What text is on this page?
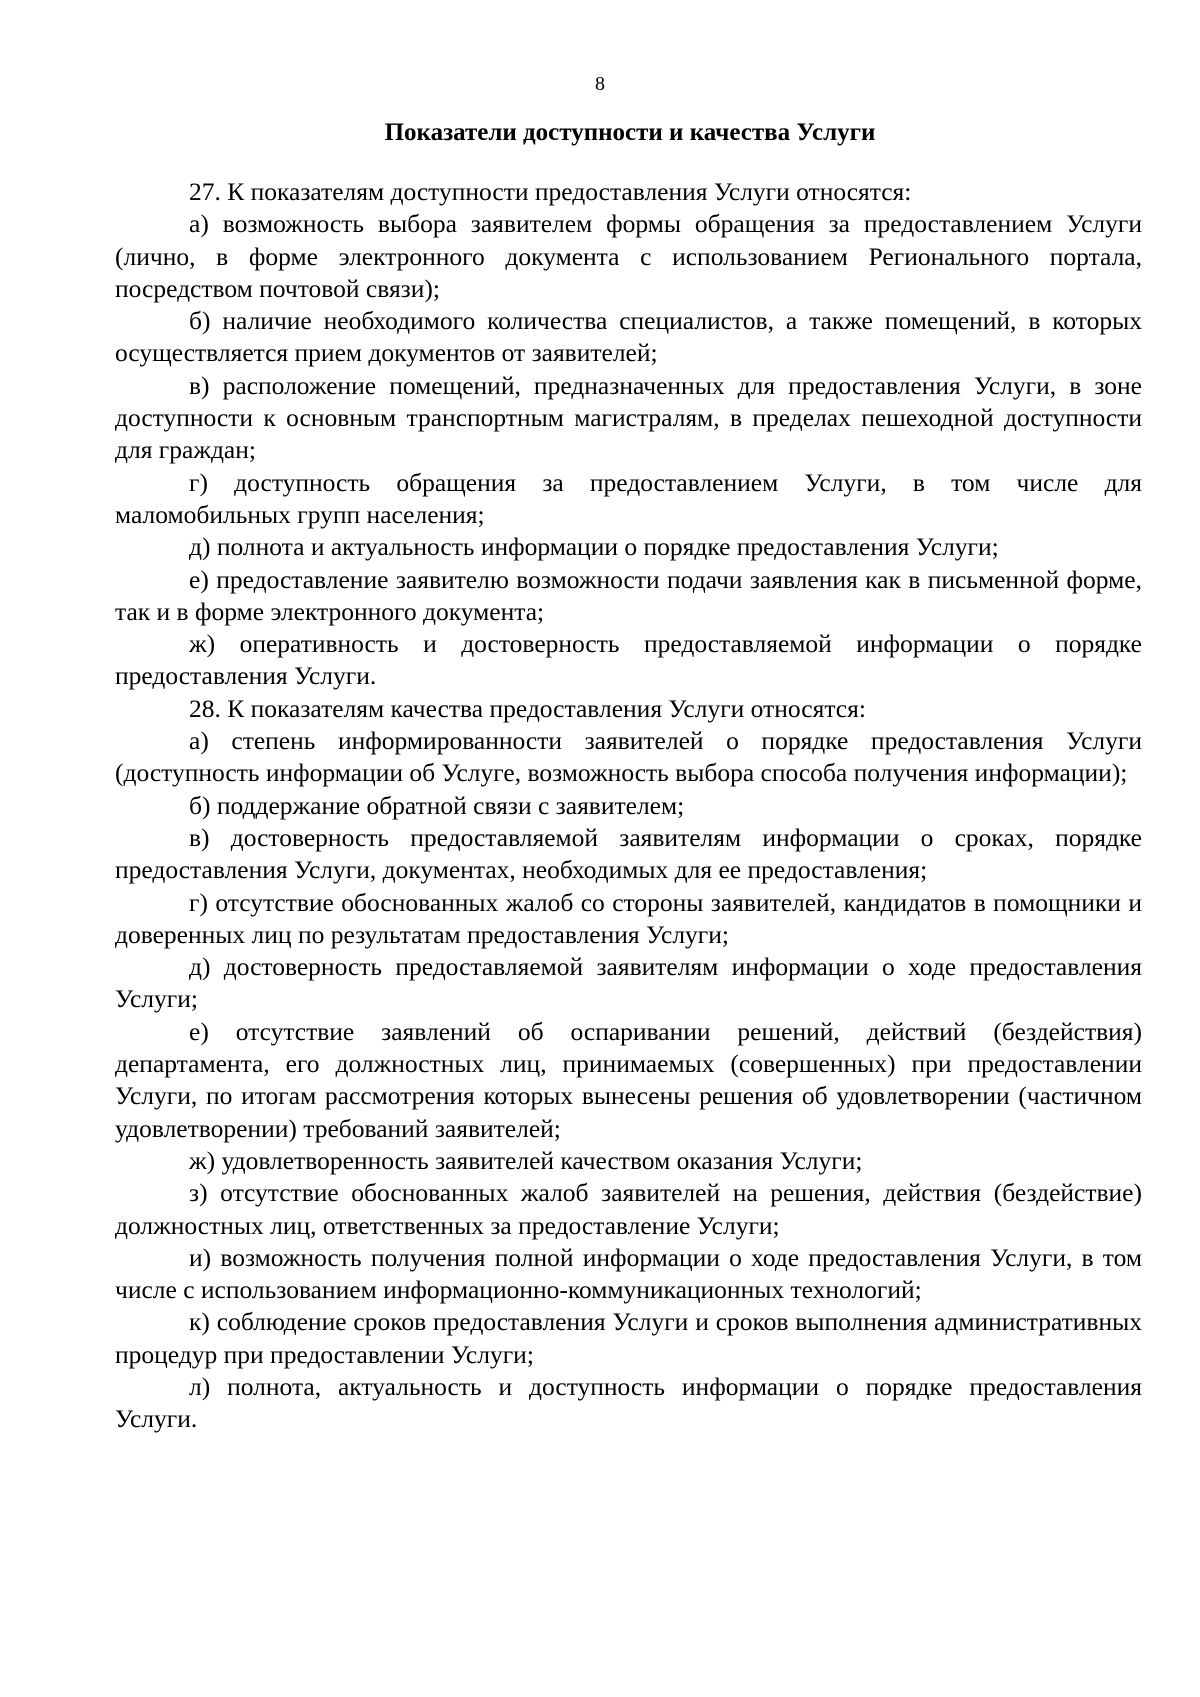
8
Показатели доступности и качества Услуги

27. К показателям доступности предоставления Услуги относятся:

а) возможность выбора заявителем формы обращения за предоставлением Услуги (лично, в форме электронного документа с использованием Регионального портала, посредством почтовой связи);

б) наличие необходимого количества специалистов, а также помещений, в которых осуществляется прием документов от заявителей;

в) расположение помещений, предназначенных для предоставления Услуги, в зоне доступности к основным транспортным магистралям, в пределах пешеходной доступности для граждан;

г) доступность обращения за предоставлением Услуги, в том числе для маломобильных групп населения;

д) полнота и актуальность информации о порядке предоставления Услуги;

е) предоставление заявителю возможности подачи заявления как в письменной форме, так и в форме электронного документа;

ж) оперативность и достоверность предоставляемой информации о порядке предоставления Услуги.

28. К показателям качества предоставления Услуги относятся:

а) степень информированности заявителей о порядке предоставления Услуги (доступность информации об Услуге, возможность выбора способа получения информации);

б) поддержание обратной связи с заявителем;

в) достоверность предоставляемой заявителям информации о сроках, порядке предоставления Услуги, документах, необходимых для ее предоставления;

г) отсутствие обоснованных жалоб со стороны заявителей, кандидатов в помощники и доверенных лиц по результатам предоставления Услуги;

д) достоверность предоставляемой заявителям информации о ходе предоставления Услуги;

е) отсутствие заявлений об оспаривании решений, действий (бездействия) департамента, его должностных лиц, принимаемых (совершенных) при предоставлении Услуги, по итогам рассмотрения которых вынесены решения об удовлетворении (частичном удовлетворении) требований заявителей;

ж) удовлетворенность заявителей качеством оказания Услуги;

з) отсутствие обоснованных жалоб заявителей на решения, действия (бездействие) должностных лиц, ответственных за предоставление Услуги;

и) возможность получения полной информации о ходе предоставления Услуги, в том числе с использованием информационно-коммуникационных технологий;

к) соблюдение сроков предоставления Услуги и сроков выполнения административных процедур при предоставлении Услуги;

л) полнота, актуальность и доступность информации о порядке предоставления Услуги.
